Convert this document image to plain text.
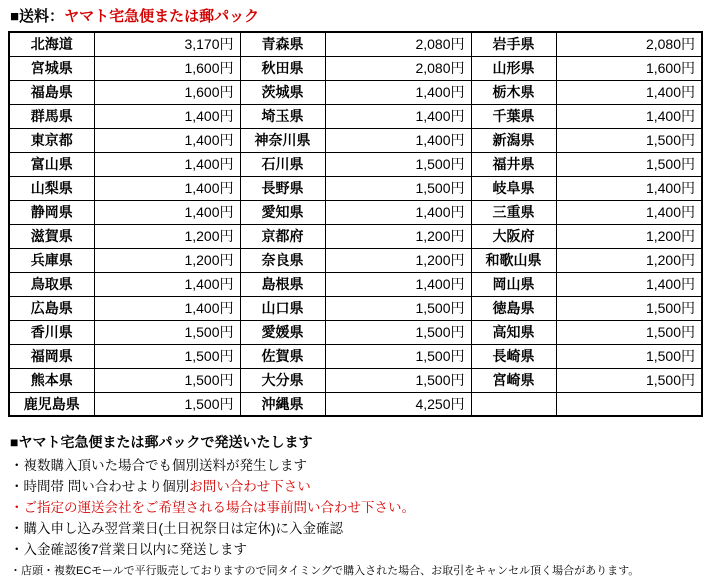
■送料： ヤマト宅急便または郵パック
北海道	3,170円	青森県	2,080円	岩手県	2,080円
宮城県	1,600円	秋田県	2,080円	山形県	1,600円
福島県	1,600円	茨城県	1,400円	栃木県	1,400円
群馬県	1,400円	埼玉県	1,400円	千葉県	1,400円
東京都	1,400円	神奈川県	1,400円	新潟県	1,500円
富山県	1,400円	石川県	1,500円	福井県	1,500円
山梨県	1,400円	長野県	1,500円	岐阜県	1,400円
静岡県	1,400円	愛知県	1,400円	三重県	1,400円
滋賀県	1,200円	京都府	1,200円	大阪府	1,200円
兵庫県	1,200円	奈良県	1,200円	和歌山県	1,200円
鳥取県	1,400円	島根県	1,400円	岡山県	1,400円
広島県	1,400円	山口県	1,500円	徳島県	1,500円
香川県	1,500円	愛媛県	1,500円	高知県	1,500円
福岡県	1,500円	佐賀県	1,500円	長崎県	1,500円
熊本県	1,500円	大分県	1,500円	宮崎県	1,500円
鹿児島県	1,500円	沖縄県	4,250円		
■ヤマト宅急便または郵パックで発送いたします
・複数購入頂いた場合でも個別送料が発生します
・時間帯 問い合わせより個別お問い合わせ下さい
・ご指定の運送会社をご希望される場合は事前問い合わせ下さい。
・購入申し込み翌営業日(土日祝祭日は定休)に入金確認
・入金確認後7営業日以内に発送します
・店頭・複数ECモールで平行販売しておりますので同タイミングで購入された場合、お取引をキャンセル頂く場合があります。
